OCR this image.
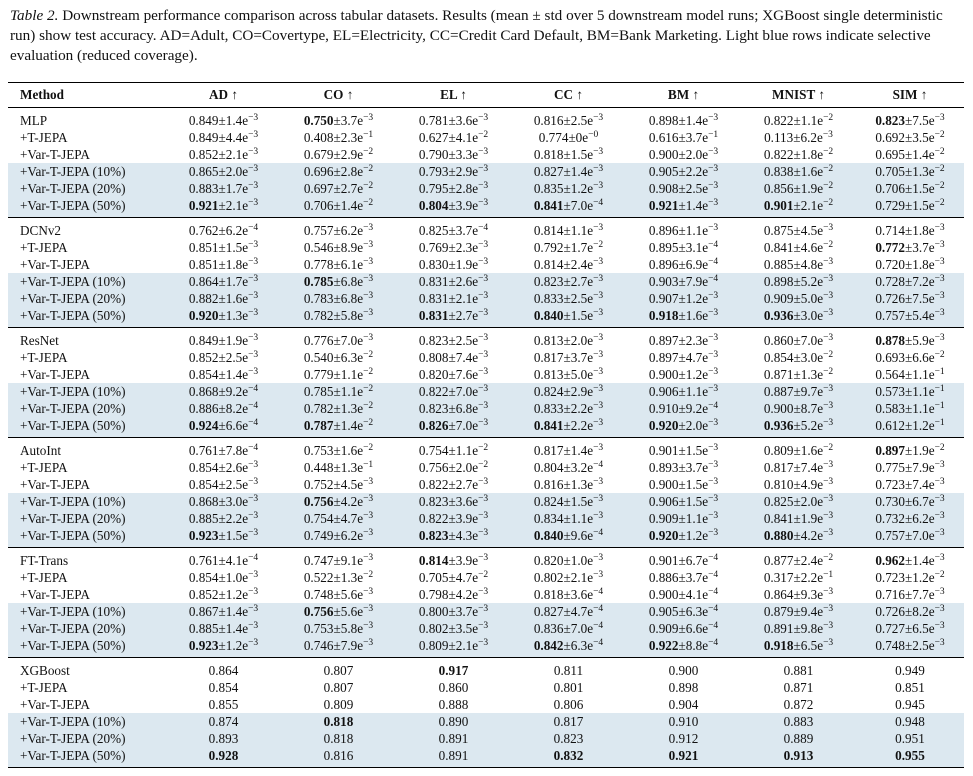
Table 2. Downstream performance comparison across tabular datasets. Results (mean ± std over 5 downstream model runs; XGBoost single deterministic run) show test accuracy. AD=Adult, CO=Covertype, EL=Electricity, CC=Credit Card Default, BM=Bank Marketing. Light blue rows indicate selective evaluation (reduced coverage).
Method	AD ↑	CO ↑	EL ↑	CC ↑	BM ↑	MNIST ↑	SIM ↑
MLP	$0.849\pm 1.4e^{-3}$	$0.750\pm 3.7e^{-3}$	$0.781\pm 3.6e^{-3}$	$0.816\pm 2.5e^{-3}$	$0.898\pm 1.4e^{-3}$	$0.822\pm 1.1e^{-2}$	$0.823\pm 7.5e^{-3}$
+T-JEPA	$0.849\pm 4.4e^{-3}$	$0.408\pm 2.3e^{-1}$	$0.627\pm 4.1e^{-2}$	$0.774\pm 0e^{-0}$	$0.616\pm 3.7e^{-1}$	$0.113\pm 6.2e^{-3}$	$0.692\pm 3.5e^{-2}$
+Var-T-JEPA	$0.852\pm 2.1e^{-3}$	$0.679\pm 2.9e^{-2}$	$0.790\pm 3.3e^{-3}$	$0.818\pm 1.5e^{-3}$	$0.900\pm 2.0e^{-3}$	$0.822\pm 1.8e^{-2}$	$0.695\pm 1.4e^{-2}$
+Var-T-JEPA (10%)	$0.865\pm 2.0e^{-3}$	$0.696\pm 2.8e^{-2}$	$0.793\pm 2.9e^{-3}$	$0.827\pm 1.4e^{-3}$	$0.905\pm 2.2e^{-3}$	$0.838\pm 1.6e^{-2}$	$0.705\pm 1.3e^{-2}$
+Var-T-JEPA (20%)	$0.883\pm 1.7e^{-3}$	$0.697\pm 2.7e^{-2}$	$0.795\pm 2.8e^{-3}$	$0.835\pm 1.2e^{-3}$	$0.908\pm 2.5e^{-3}$	$0.856\pm 1.9e^{-2}$	$0.706\pm 1.5e^{-2}$
+Var-T-JEPA (50%)	$0.921\pm 2.1e^{-3}$	$0.706\pm 1.4e^{-2}$	$0.804\pm 3.9e^{-3}$	$0.841\pm 7.0e^{-4}$	$0.921\pm 1.4e^{-3}$	$0.901\pm 2.1e^{-2}$	$0.729\pm 1.5e^{-2}$
DCNv2	$0.762\pm 6.2e^{-4}$	$0.757\pm 6.2e^{-3}$	$0.825\pm 3.7e^{-4}$	$0.814\pm 1.1e^{-3}$	$0.896\pm 1.1e^{-3}$	$0.875\pm 4.5e^{-3}$	$0.714\pm 1.8e^{-3}$
+T-JEPA	$0.851\pm 1.5e^{-3}$	$0.546\pm 8.9e^{-3}$	$0.769\pm 2.3e^{-3}$	$0.792\pm 1.7e^{-2}$	$0.895\pm 3.1e^{-4}$	$0.841\pm 4.6e^{-2}$	$0.772\pm 3.7e^{-3}$
+Var-T-JEPA	$0.851\pm 1.8e^{-3}$	$0.778\pm 6.1e^{-3}$	$0.830\pm 1.9e^{-3}$	$0.814\pm 2.4e^{-3}$	$0.896\pm 6.9e^{-4}$	$0.885\pm 4.8e^{-3}$	$0.720\pm 1.8e^{-3}$
+Var-T-JEPA (10%)	$0.864\pm 1.7e^{-3}$	$0.785\pm 6.8e^{-3}$	$0.831\pm 2.6e^{-3}$	$0.823\pm 2.7e^{-3}$	$0.903\pm 7.9e^{-4}$	$0.898\pm 5.2e^{-3}$	$0.728\pm 7.2e^{-3}$
+Var-T-JEPA (20%)	$0.882\pm 1.6e^{-3}$	$0.783\pm 6.8e^{-3}$	$0.831\pm 2.1e^{-3}$	$0.833\pm 2.5e^{-3}$	$0.907\pm 1.2e^{-3}$	$0.909\pm 5.0e^{-3}$	$0.726\pm 7.5e^{-3}$
+Var-T-JEPA (50%)	$0.920\pm 1.3e^{-3}$	$0.782\pm 5.8e^{-3}$	$0.831\pm 2.7e^{-3}$	$0.840\pm 1.5e^{-3}$	$0.918\pm 1.6e^{-3}$	$0.936\pm 3.0e^{-3}$	$0.757\pm 5.4e^{-3}$
ResNet	$0.849\pm 1.9e^{-3}$	$0.776\pm 7.0e^{-3}$	$0.823\pm 2.5e^{-3}$	$0.813\pm 2.0e^{-3}$	$0.897\pm 2.3e^{-3}$	$0.860\pm 7.0e^{-3}$	$0.878\pm 5.9e^{-3}$
+T-JEPA	$0.852\pm 2.5e^{-3}$	$0.540\pm 6.3e^{-2}$	$0.808\pm 7.4e^{-3}$	$0.817\pm 3.7e^{-3}$	$0.897\pm 4.7e^{-3}$	$0.854\pm 3.0e^{-2}$	$0.693\pm 6.6e^{-2}$
+Var-T-JEPA	$0.854\pm 1.4e^{-3}$	$0.779\pm 1.1e^{-2}$	$0.820\pm 7.6e^{-3}$	$0.813\pm 5.0e^{-3}$	$0.900\pm 1.2e^{-3}$	$0.871\pm 1.3e^{-2}$	$0.564\pm 1.1e^{-1}$
+Var-T-JEPA (10%)	$0.868\pm 9.2e^{-4}$	$0.785\pm 1.1e^{-2}$	$0.822\pm 7.0e^{-3}$	$0.824\pm 2.9e^{-3}$	$0.906\pm 1.1e^{-3}$	$0.887\pm 9.7e^{-3}$	$0.573\pm 1.1e^{-1}$
+Var-T-JEPA (20%)	$0.886\pm 8.2e^{-4}$	$0.782\pm 1.3e^{-2}$	$0.823\pm 6.8e^{-3}$	$0.833\pm 2.2e^{-3}$	$0.910\pm 9.2e^{-4}$	$0.900\pm 8.7e^{-3}$	$0.583\pm 1.1e^{-1}$
+Var-T-JEPA (50%)	$0.924\pm 6.6e^{-4}$	$0.787\pm 1.4e^{-2}$	$0.826\pm 7.0e^{-3}$	$0.841\pm 2.2e^{-3}$	$0.920\pm 2.0e^{-3}$	$0.936\pm 5.2e^{-3}$	$0.612\pm 1.2e^{-1}$
AutoInt	$0.761\pm 7.8e^{-4}$	$0.753\pm 1.6e^{-2}$	$0.754\pm 1.1e^{-2}$	$0.817\pm 1.4e^{-3}$	$0.901\pm 1.5e^{-3}$	$0.809\pm 1.6e^{-2}$	$0.897\pm 1.9e^{-2}$
+T-JEPA	$0.854\pm 2.6e^{-3}$	$0.448\pm 1.3e^{-1}$	$0.756\pm 2.0e^{-2}$	$0.804\pm 3.2e^{-4}$	$0.893\pm 3.7e^{-3}$	$0.817\pm 7.4e^{-3}$	$0.775\pm 7.9e^{-3}$
+Var-T-JEPA	$0.854\pm 2.5e^{-3}$	$0.752\pm 4.5e^{-3}$	$0.822\pm 2.7e^{-3}$	$0.816\pm 1.3e^{-3}$	$0.900\pm 1.5e^{-3}$	$0.810\pm 4.9e^{-3}$	$0.723\pm 7.4e^{-3}$
+Var-T-JEPA (10%)	$0.868\pm 3.0e^{-3}$	$0.756\pm 4.2e^{-3}$	$0.823\pm 3.6e^{-3}$	$0.824\pm 1.5e^{-3}$	$0.906\pm 1.5e^{-3}$	$0.825\pm 2.0e^{-3}$	$0.730\pm 6.7e^{-3}$
+Var-T-JEPA (20%)	$0.885\pm 2.2e^{-3}$	$0.754\pm 4.7e^{-3}$	$0.822\pm 3.9e^{-3}$	$0.834\pm 1.1e^{-3}$	$0.909\pm 1.1e^{-3}$	$0.841\pm 1.9e^{-3}$	$0.732\pm 6.2e^{-3}$
+Var-T-JEPA (50%)	$0.923\pm 1.5e^{-3}$	$0.749\pm 6.2e^{-3}$	$0.823\pm 4.3e^{-3}$	$0.840\pm 9.6e^{-4}$	$0.920\pm 1.2e^{-3}$	$0.880\pm 4.2e^{-3}$	$0.757\pm 7.0e^{-3}$
FT-Trans	$0.761\pm 4.1e^{-4}$	$0.747\pm 9.1e^{-3}$	$0.814\pm 3.9e^{-3}$	$0.820\pm 1.0e^{-3}$	$0.901\pm 6.7e^{-4}$	$0.877\pm 2.4e^{-2}$	$0.962\pm 1.4e^{-3}$
+T-JEPA	$0.854\pm 1.0e^{-3}$	$0.522\pm 1.3e^{-2}$	$0.705\pm 4.7e^{-2}$	$0.802\pm 2.1e^{-3}$	$0.886\pm 3.7e^{-4}$	$0.317\pm 2.2e^{-1}$	$0.723\pm 1.2e^{-2}$
+Var-T-JEPA	$0.852\pm 1.2e^{-3}$	$0.748\pm 5.6e^{-3}$	$0.798\pm 4.2e^{-3}$	$0.818\pm 3.6e^{-4}$	$0.900\pm 4.1e^{-4}$	$0.864\pm 9.3e^{-3}$	$0.716\pm 7.7e^{-3}$
+Var-T-JEPA (10%)	$0.867\pm 1.4e^{-3}$	$0.756\pm 5.6e^{-3}$	$0.800\pm 3.7e^{-3}$	$0.827\pm 4.7e^{-4}$	$0.905\pm 6.3e^{-4}$	$0.879\pm 9.4e^{-3}$	$0.726\pm 8.2e^{-3}$
+Var-T-JEPA (20%)	$0.885\pm 1.4e^{-3}$	$0.753\pm 5.8e^{-3}$	$0.802\pm 3.5e^{-3}$	$0.836\pm 7.0e^{-4}$	$0.909\pm 6.6e^{-4}$	$0.891\pm 9.8e^{-3}$	$0.727\pm 6.5e^{-3}$
+Var-T-JEPA (50%)	$0.923\pm 1.2e^{-3}$	$0.746\pm 7.9e^{-3}$	$0.809\pm 2.1e^{-3}$	$0.842\pm 6.3e^{-4}$	$0.922\pm 8.8e^{-4}$	$0.918\pm 6.5e^{-3}$	$0.748\pm 2.5e^{-3}$
XGBoost	0.864	0.807	0.917	0.811	0.900	0.881	0.949
+T-JEPA	0.854	0.807	0.860	0.801	0.898	0.871	0.851
+Var-T-JEPA	0.855	0.809	0.888	0.806	0.904	0.872	0.945
+Var-T-JEPA (10%)	0.874	0.818	0.890	0.817	0.910	0.883	0.948
+Var-T-JEPA (20%)	0.893	0.818	0.891	0.823	0.912	0.889	0.951
+Var-T-JEPA (50%)	0.928	0.816	0.891	0.832	0.921	0.913	0.955
